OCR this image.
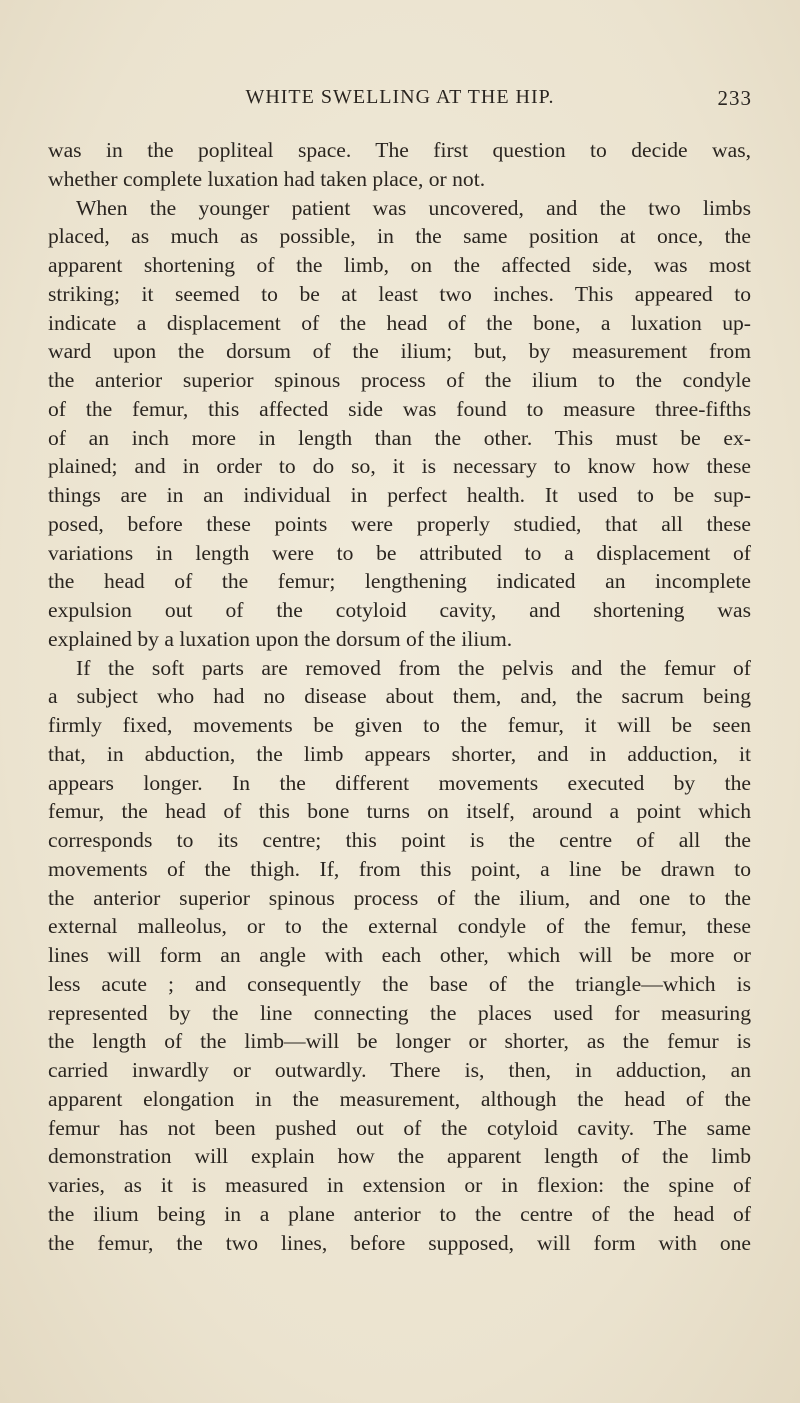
WHITE SWELLING AT THE HIP.	233
was in the popliteal space. The first question to decide was,
whether complete luxation had taken place, or not.
When the younger patient was uncovered, and the two limbs
placed, as much as possible, in the same position at once, the
apparent shortening of the limb, on the affected side, was most
striking; it seemed to be at least two inches. This appeared to
indicate a displacement of the head of the bone, a luxation up-
ward upon the dorsum of the ilium; but, by measurement from
the anterior superior spinous process of the ilium to the condyle
of the femur, this affected side was found to measure three-fifths
of an inch more in length than the other. This must be ex-
plained; and in order to do so, it is necessary to know how these
things are in an individual in perfect health. It used to be sup-
posed, before these points were properly studied, that all these
variations in length were to be attributed to a displacement of
the head of the femur; lengthening indicated an incomplete
expulsion out of the cotyloid cavity, and shortening was
explained by a luxation upon the dorsum of the ilium.
If the soft parts are removed from the pelvis and the femur of
a subject who had no disease about them, and, the sacrum being
firmly fixed, movements be given to the femur, it will be seen
that, in abduction, the limb appears shorter, and in adduction, it
appears longer. In the different movements executed by the
femur, the head of this bone turns on itself, around a point which
corresponds to its centre; this point is the centre of all the
movements of the thigh. If, from this point, a line be drawn to
the anterior superior spinous process of the ilium, and one to the
external malleolus, or to the external condyle of the femur, these
lines will form an angle with each other, which will be more or
less acute ; and consequently the base of the triangle—which is
represented by the line connecting the places used for measuring
the length of the limb—will be longer or shorter, as the femur is
carried inwardly or outwardly. There is, then, in adduction, an
apparent elongation in the measurement, although the head of the
femur has not been pushed out of the cotyloid cavity. The same
demonstration will explain how the apparent length of the limb
varies, as it is measured in extension or in flexion: the spine of
the ilium being in a plane anterior to the centre of the head of
the femur, the two lines, before supposed, will form with one
